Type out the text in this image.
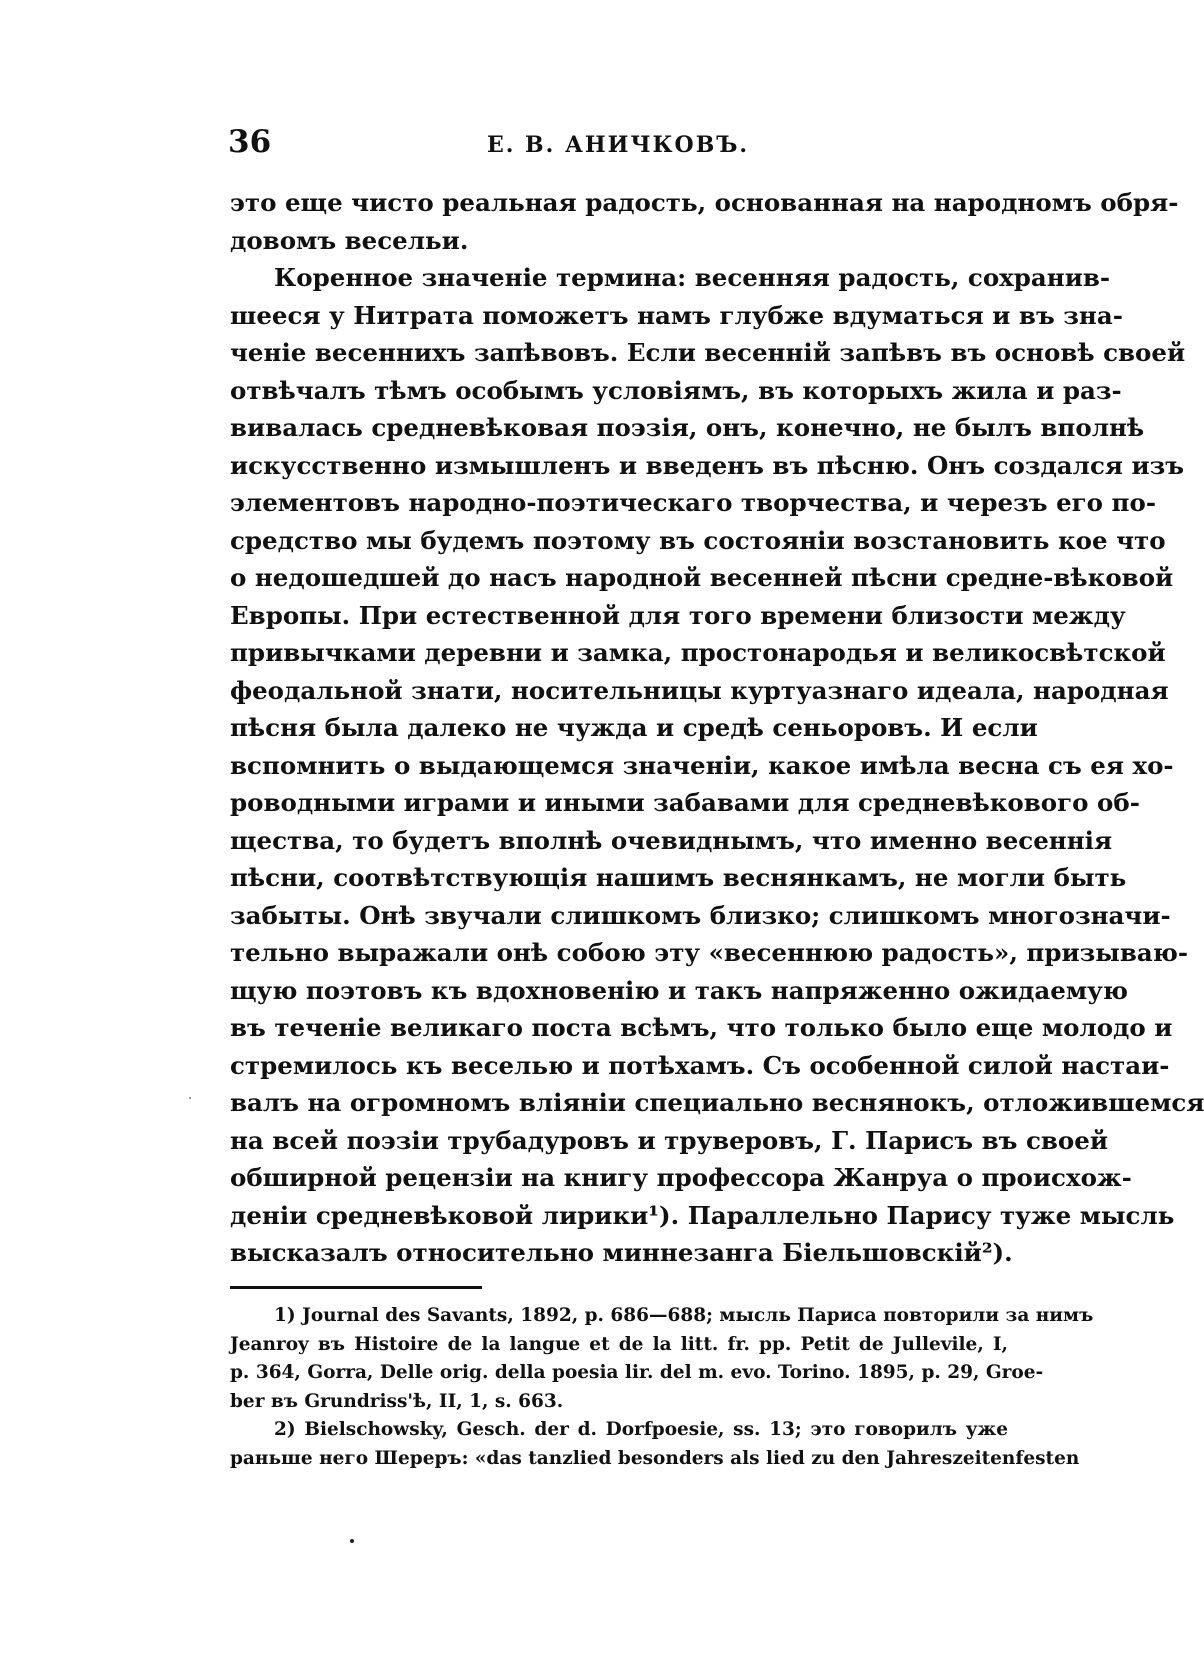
36	Е. В. АНИЧКОВЪ.
это еще чисто реальная радость, основанная на народномъ обря-
довомъ весельи.
Коренное значенiе термина: весенняя радость, сохранив-
шееся у Нитрата поможетъ намъ глубже вдуматься и въ зна-
ченiе весеннихъ запѣвовъ. Если весеннiй запѣвъ въ основѣ своей
отвѣчалъ тѣмъ особымъ условiямъ, въ которыхъ жила и раз-
вивалась средневѣковая поэзiя, онъ, конечно, не былъ вполнѣ
искусственно измышленъ и введенъ въ пѣсню. Онъ создался изъ
элементовъ народно-поэтическаго творчества, и черезъ его по-
средство мы будемъ поэтому въ состоянiи возстановить кое что
о недошедшей до насъ народной весенней пѣсни средне-вѣковой
Европы. При естественной для того времени близости между
привычками деревни и замка, простонародья и великосвѣтской
феодальной знати, носительницы куртуазнаго идеала, народная
пѣсня была далеко не чужда и средѣ сеньоровъ. И если
вспомнить о выдающемся значенiи, какое имѣла весна съ ея хо-
роводными играми и иными забавами для средневѣкового об-
щества, то будетъ вполнѣ очевиднымъ, что именно весеннiя
пѣсни, соотвѣтствующiя нашимъ веснянкамъ, не могли быть
забыты. Онѣ звучали слишкомъ близко; слишкомъ многозначи-
тельно выражали онѣ собою эту «весеннюю радость», призываю-
щую поэтовъ къ вдохновенiю и такъ напряженно ожидаемую
въ теченiе великаго поста всѣмъ, что только было еще молодо и
стремилось къ веселью и потѣхамъ. Съ особенной силой настаи-
валъ на огромномъ влiянiи специально веснянокъ, отложившемся
на всей поэзiи трубадуровъ и труверовъ, Г. Парисъ въ своей
обширной рецензiи на книгу профессора Жанруа о происхож-
денiи средневѣковой лирики¹). Параллельно Парису туже мысль
высказалъ относительно миннезанга Бiельшовскiй²).
1) Journal des Savants, 1892, p. 686—688; мысль Париса повторили за нимъ
Jeanroy въ Histoire de la langue et de la litt. fr. pp. Petit de Jullevile, I,
p. 364, Gorra, Delle orig. della poesia lir. del m. evo. Torino. 1895, p. 29, Groe-
ber въ Grundriss'ѣ, II, 1, s. 663.
2) Bielschowsky, Gesch. der d. Dorfpoesie, ss. 13; это говорилъ уже
раньше него Шереръ: «das tanzlied besonders als lied zu den Jahreszeitenfesten
